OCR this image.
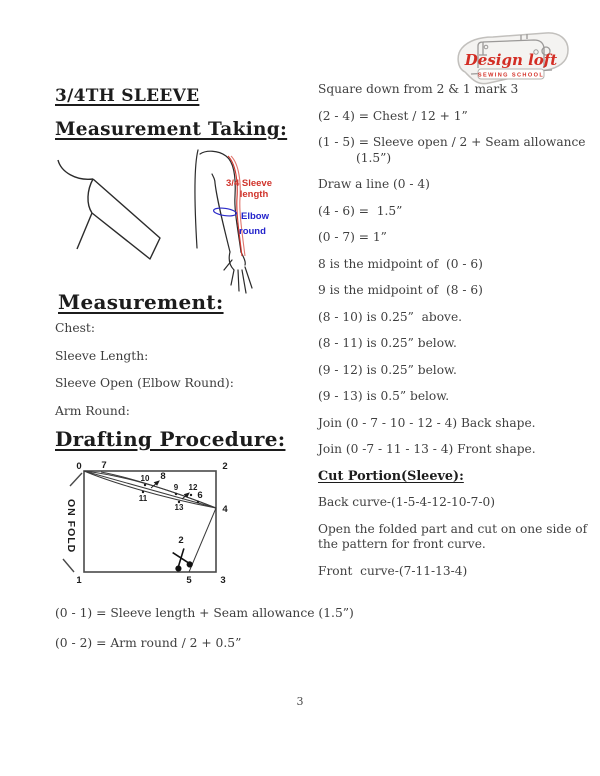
Design loft
SEWING SCHOOL
3/4TH SLEEVE
Measurement Taking:
3/4 Sleeve
length
Elbow
round
Measurement:

Chest:

Sleeve Length:

Sleeve Open (Elbow Round):

Arm Round:

Drafting Procedure:
ON FOLD
0 7	2
1	5	3
4
10 8
11
9 12
13
6
2

(0 - 1) = Sleeve length + Seam allowance (1.5”)

(0 - 2) = Arm round / 2 + 0.5”

Square down from 2 & 1 mark 3

(2 - 4) = Chest / 12 + 1”

(1 - 5) = Sleeve open / 2 + Seam allowance

(1.5”)

Draw a line (0 - 4)

(4 - 6) =  1.5”

(0 - 7) = 1”

8 is the midpoint of  (0 - 6)

9 is the midpoint of  (8 - 6)

(8 - 10) is 0.25”  above.

(8 - 11) is 0.25” below.

(9 - 12) is 0.25” below.

(9 - 13) is 0.5” below.

Join (0 - 7 - 10 - 12 - 4) Back shape.

Join (0 -7 - 11 - 13 - 4) Front shape.

Cut Portion(Sleeve):

Back curve-(1-5-4-12-10-7-0)

Open the folded part and cut on one side of the pattern for front curve.

Front  curve-(7-11-13-4)

3
